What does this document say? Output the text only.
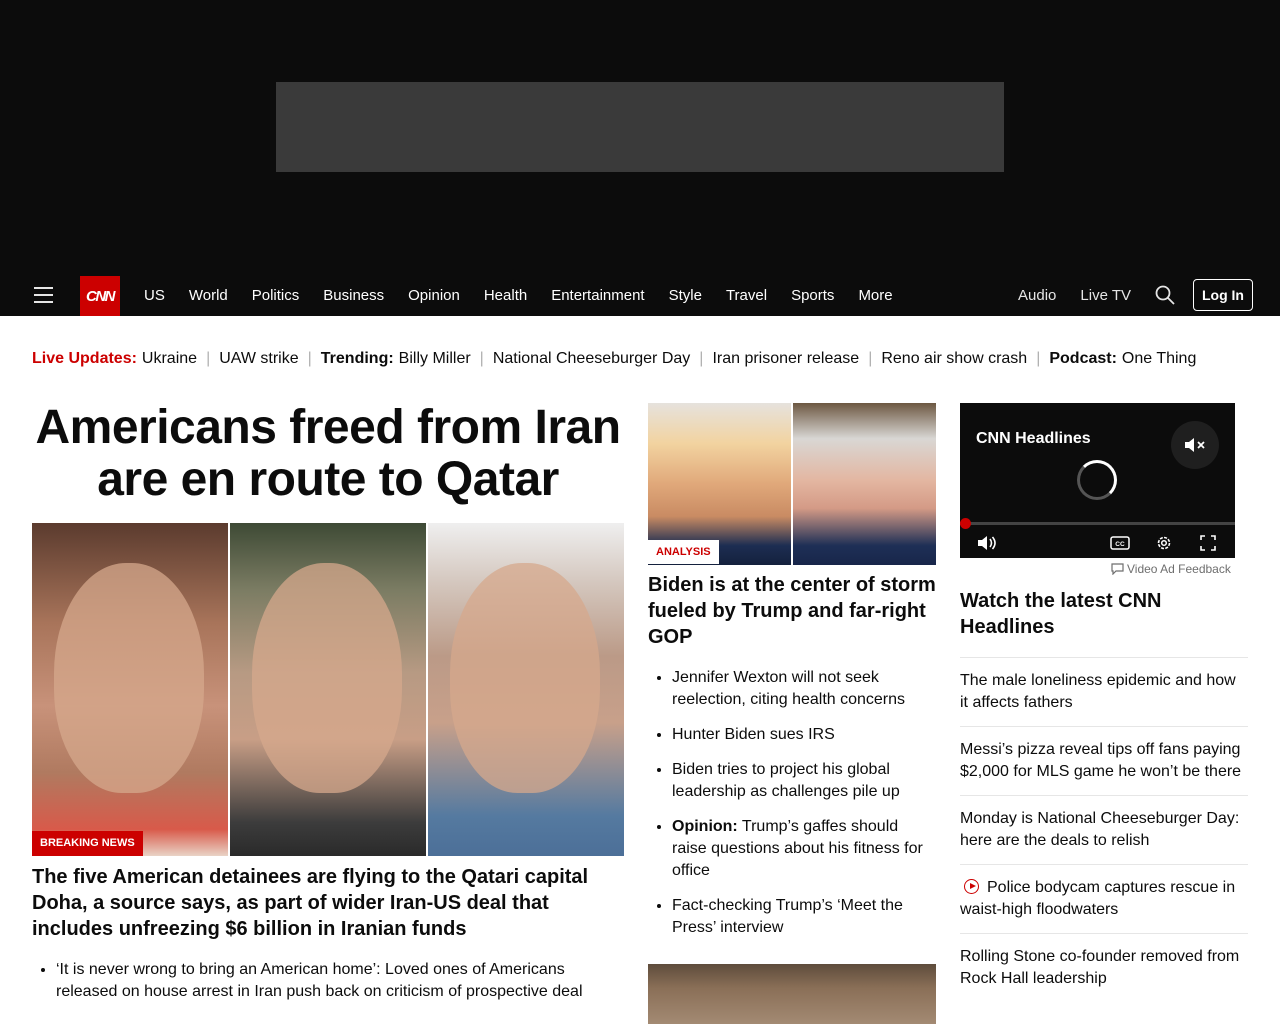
CNN	US World Politics Business Opinion Health Entertainment Style Travel Sports More	Audio Live TV	Log In
Live Updates: Ukraine | UAW strike | Trending: Billy Miller | National Cheeseburger Day | Iran prisoner release | Reno air show crash | Podcast: One Thing
Americans freed from Iran are en route to Qatar
BREAKING NEWS
The five American detainees are flying to the Qatari capital Doha, a source says, as part of wider Iran-US deal that includes unfreezing $6 billion in Iranian funds
• ‘It is never wrong to bring an American home’: Loved ones of Americans released on house arrest in Iran push back on criticism of prospective deal
ANALYSIS
Biden is at the center of storm fueled by Trump and far-right GOP
• Jennifer Wexton will not seek reelection, citing health concerns
• Hunter Biden sues IRS
• Biden tries to project his global leadership as challenges pile up
• Opinion: Trump’s gaffes should raise questions about his fitness for office
• Fact-checking Trump’s ‘Meet the Press’ interview
CNN Headlines
CC
Video Ad Feedback
Watch the latest CNN Headlines
The male loneliness epidemic and how it affects fathers
Messi’s pizza reveal tips off fans paying $2,000 for MLS game he won’t be there
Monday is National Cheeseburger Day: here are the deals to relish
Police bodycam captures rescue in waist-high floodwaters
Rolling Stone co-founder removed from Rock Hall leadership
